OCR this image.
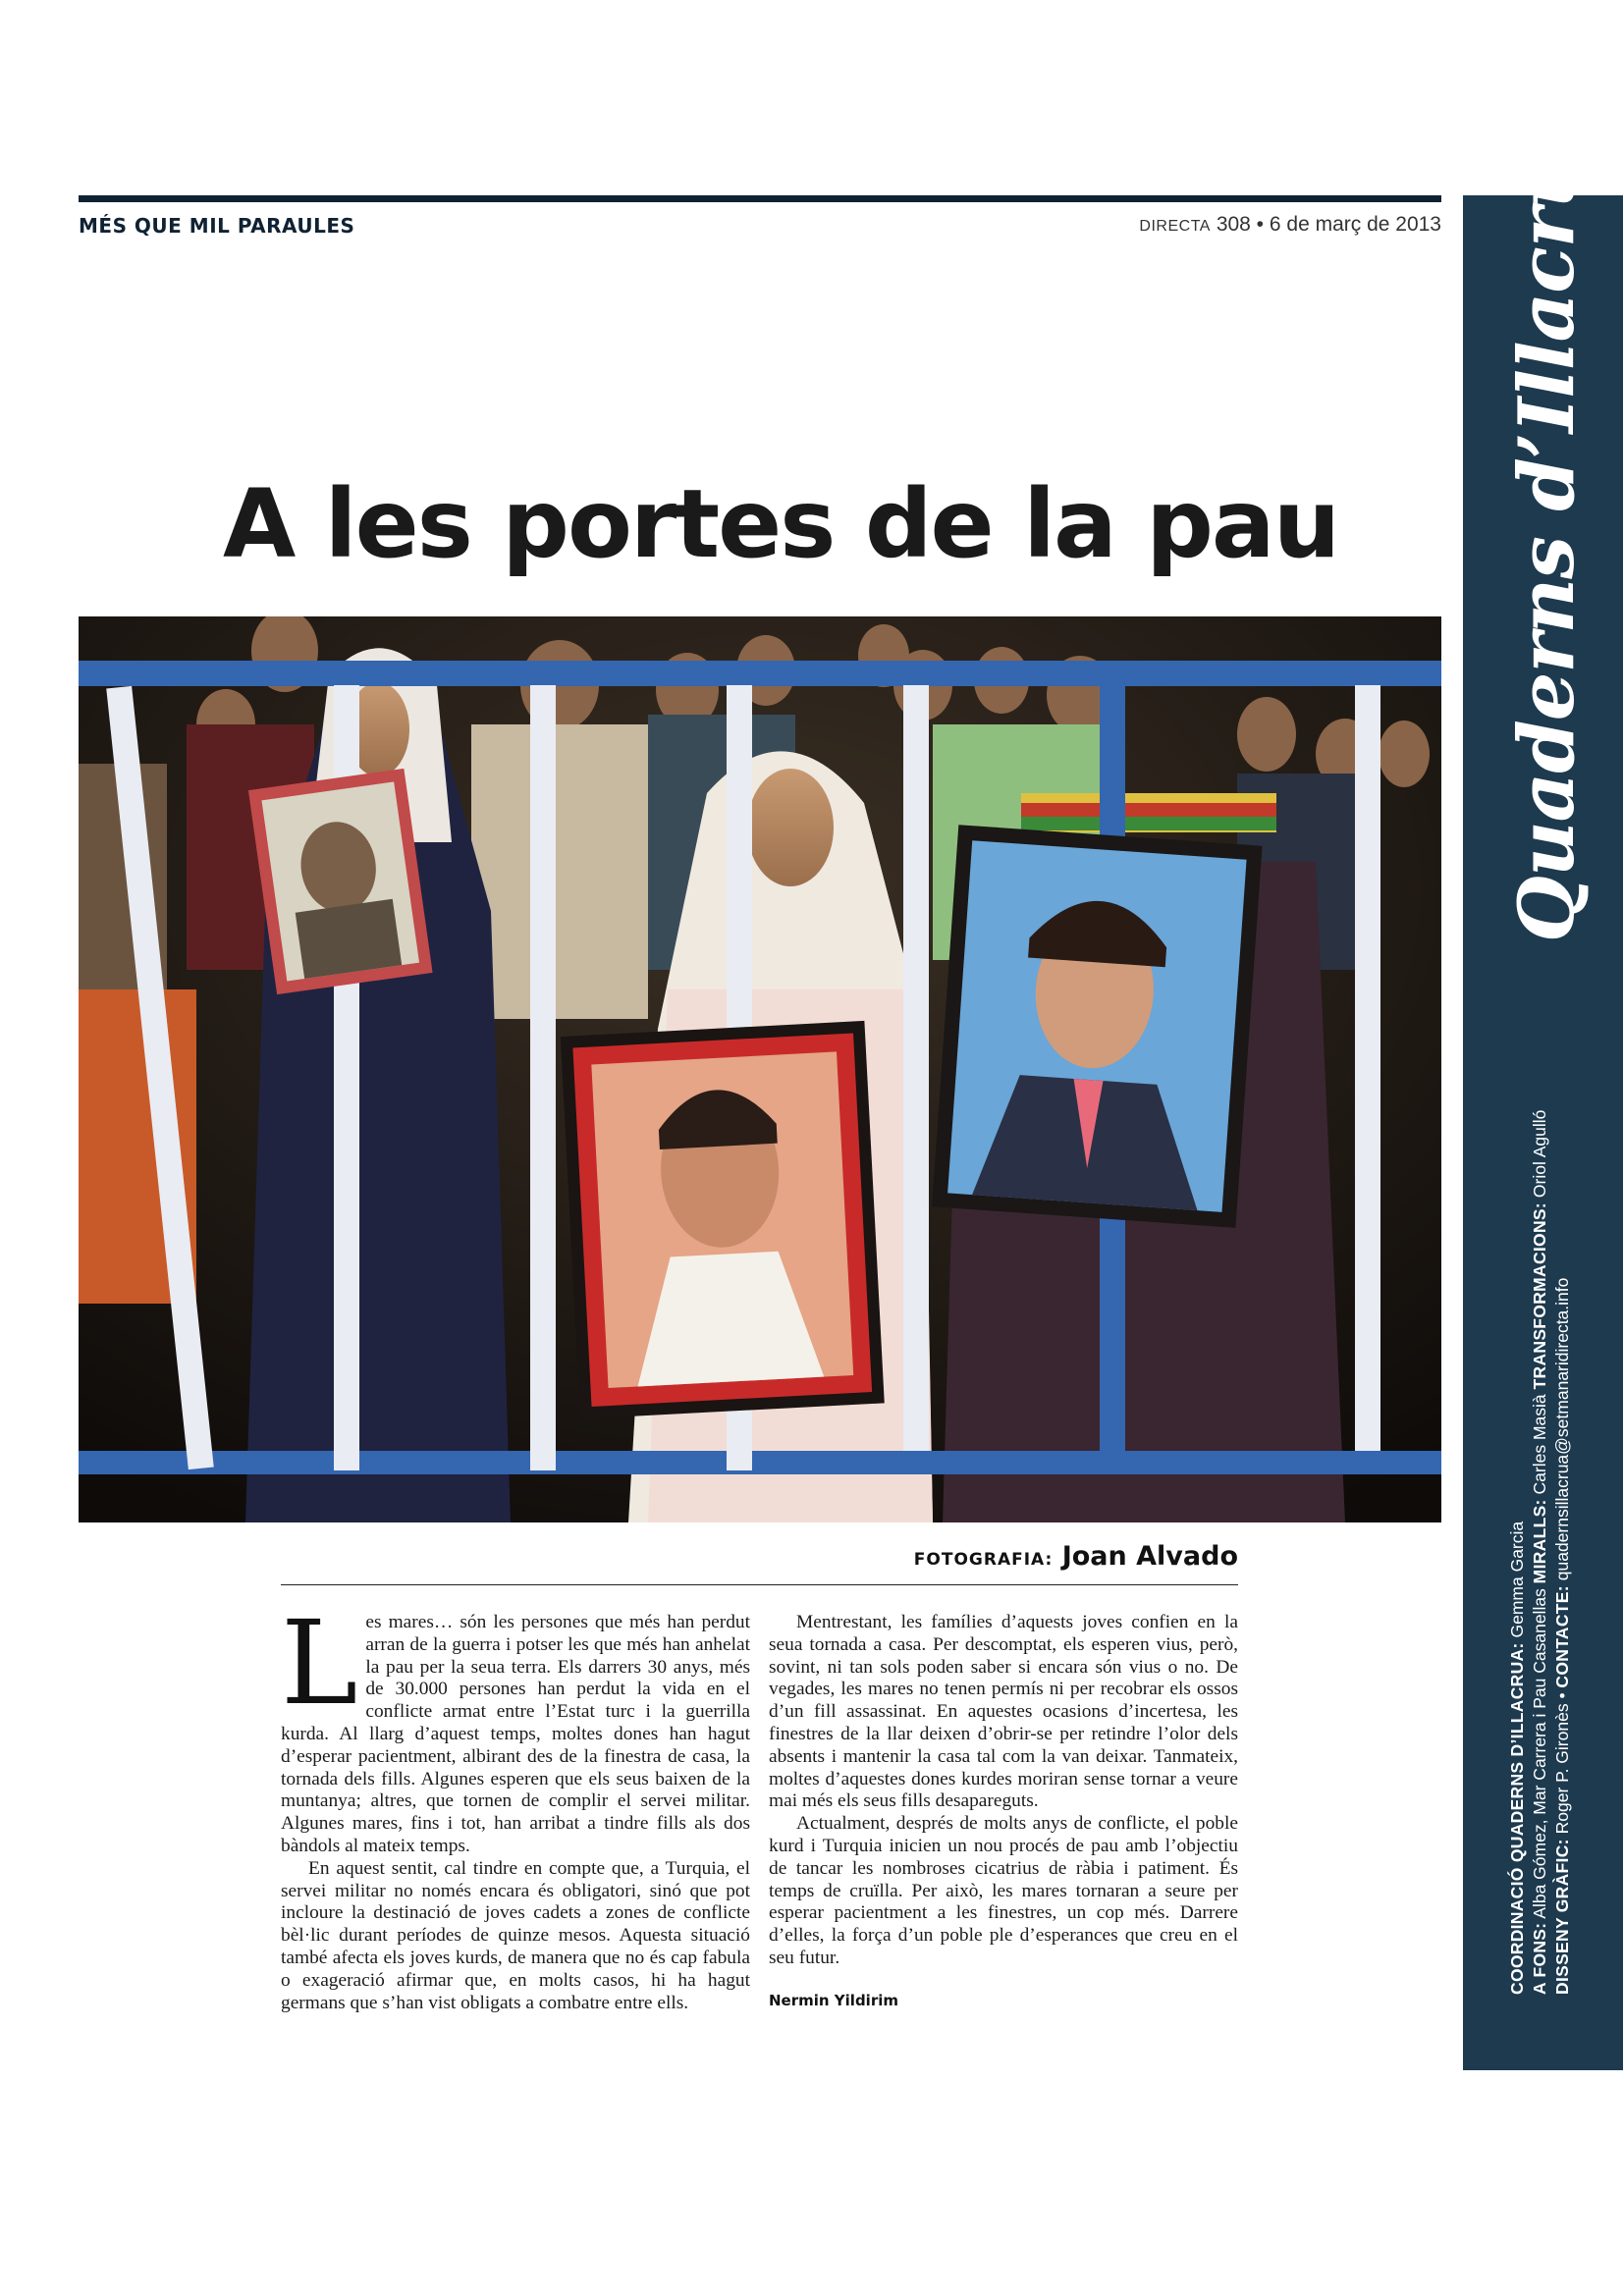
MÉS QUE MIL PARAULES	DIRECTA 308 • 6 de març de 2013 Quaderns d’Illacrua
COORDINACIÓ QUADERNS D’ILLACRUA: Gemma Garcia
A FONS: Alba Gómez, Mar Carrera i Pau Casanellas MIRALLS: Carles Masià TRANSFORMACIONS: Oriol Agulló
DISSENY GRÀFIC: Roger P. Gironès • CONTACTE: quadernsillacrua@setmanaridirecta.info
A les portes de la pau
FOTOGRAFIA: Joan Alvado

Les mares… són les persones que més han perdut arran de la guerra i potser les que més han anhelat la pau per la seua terra. Els darrers 30 anys, més de 30.000 persones han perdut la vida en el conflicte armat entre l’Estat turc i la guerrilla kurda. Al llarg d’aquest temps, moltes dones han hagut d’esperar pacientment, albirant des de la finestra de casa, la tornada dels fills. Algunes esperen que els seus baixen de la muntanya; altres, que tornen de complir el servei militar. Algunes mares, fins i tot, han arribat a tindre fills als dos bàndols al mateix temps.

En aquest sentit, cal tindre en compte que, a Turquia, el servei militar no només encara és obligatori, sinó que pot incloure la destinació de joves cadets a zones de conflicte bèl·lic durant períodes de quinze mesos. Aquesta situació també afecta els joves kurds, de manera que no és cap fabula o exageració afirmar que, en molts casos, hi ha hagut germans que s’han vist obligats a combatre entre ells.

Mentrestant, les famílies d’aquests joves confien en la seua tornada a casa. Per descomptat, els esperen vius, però, sovint, ni tan sols poden saber si encara són vius o no. De vegades, les mares no tenen permís ni per recobrar els ossos d’un fill assassinat. En aquestes ocasions d’incertesa, les finestres de la llar deixen d’obrir-se per retindre l’olor dels absents i mantenir la casa tal com la van deixar. Tanmateix, moltes d’aquestes dones kurdes moriran sense tornar a veure mai més els seus fills desapareguts.

Actualment, després de molts anys de conflicte, el poble kurd i Turquia inicien un nou procés de pau amb l’objectiu de tancar les nombroses cicatrius de ràbia i patiment. És temps de cruïlla. Per això, les mares tornaran a seure per esperar pacientment a les finestres, un cop més. Darrere d’elles, la força d’un poble ple d’esperances que creu en el seu futur.

Nermin Yildirim
